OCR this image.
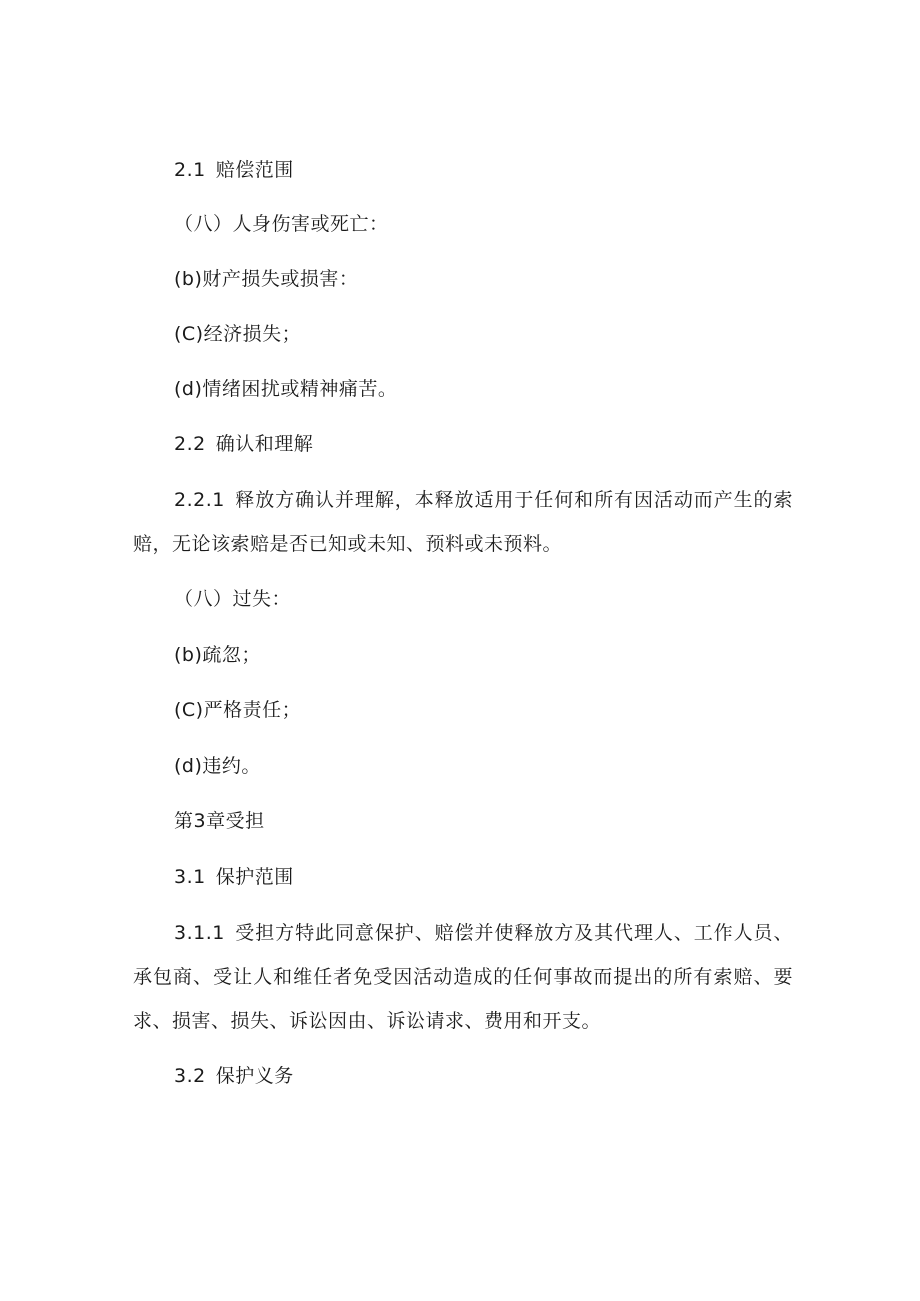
2.1 赔偿范围
（八）人身伤害或死亡：
(b)财产损失或损害：
(C)经济损失；
(d)情绪困扰或精神痛苦。
2.2 确认和理解
2.2.1 释放方确认并理解，本释放适用于任何和所有因活动而产生的索赔，无论该索赔是否已知或未知、预料或未预料。
（八）过失：
(b)疏忽；
(C)严格责任；
(d)违约。
第3章受担
3.1 保护范围
3.1.1 受担方特此同意保护、赔偿并使释放方及其代理人、工作人员、承包商、受让人和维任者免受因活动造成的任何事故而提出的所有索赔、要求、损害、损失、诉讼因由、诉讼请求、费用和开支。
3.2 保护义务
